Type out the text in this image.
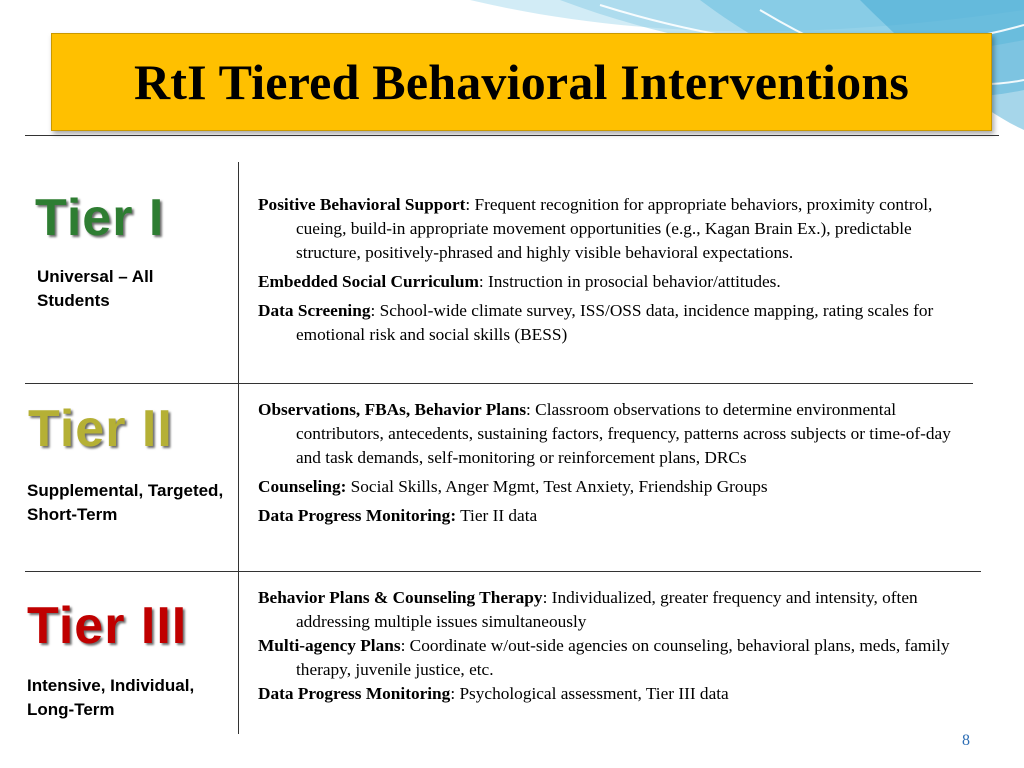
RtI Tiered Behavioral Interventions
Tier I
Universal – All Students
Positive Behavioral Support: Frequent recognition for appropriate behaviors, proximity control, cueing, build-in appropriate movement opportunities (e.g., Kagan Brain Ex.), predictable structure, positively-phrased and highly visible behavioral expectations.
Embedded Social Curriculum: Instruction in prosocial behavior/attitudes.
Data Screening: School-wide climate survey, ISS/OSS data, incidence mapping, rating scales for emotional risk and social skills (BESS)
Tier II
Supplemental, Targeted, Short-Term
Observations, FBAs, Behavior Plans: Classroom observations to determine environmental contributors, antecedents, sustaining factors, frequency, patterns across subjects or time-of-day and task demands, self-monitoring or reinforcement plans, DRCs
Counseling: Social Skills, Anger Mgmt, Test Anxiety, Friendship Groups
Data Progress Monitoring: Tier II data
Tier III
Intensive, Individual, Long-Term
Behavior Plans & Counseling Therapy: Individualized, greater frequency and intensity, often addressing multiple issues simultaneously
Multi-agency Plans: Coordinate w/out-side agencies on counseling, behavioral plans, meds, family therapy, juvenile justice, etc.
Data Progress Monitoring: Psychological assessment, Tier III data
8
